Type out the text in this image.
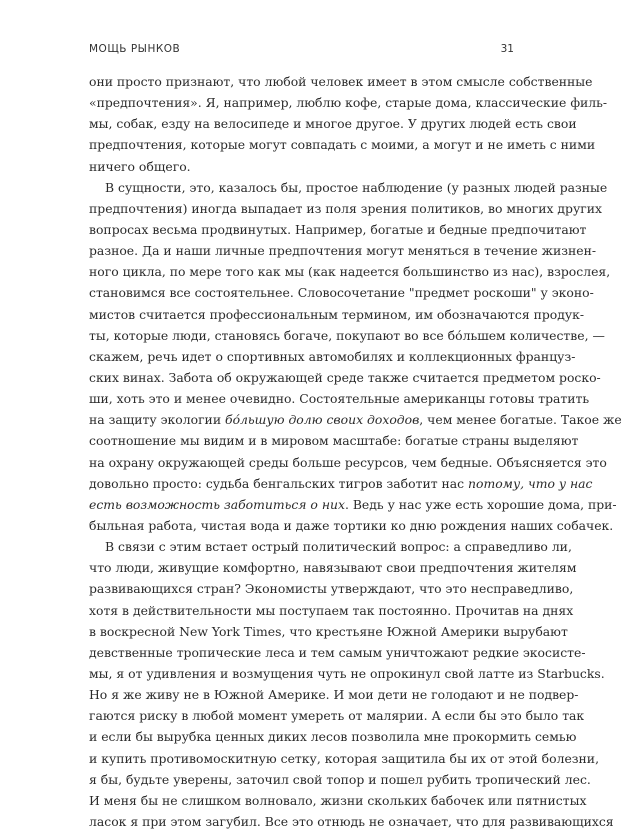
МОЩЬ РЫНКОВ	31
они просто признают, что любой человек имеет в этом смысле собственные
«предпочтения». Я, например, люблю кофе, старые дома, классические филь-
мы, собак, езду на велосипеде и многое другое. У других людей есть свои
предпочтения, которые могут совпадать с моими, а могут и не иметь с ними
ничего общего.
В сущности, это, казалось бы, простое наблюдение (у разных людей разные
предпочтения) иногда выпадает из поля зрения политиков, во многих других
вопросах весьма продвинутых. Например, богатые и бедные предпочитают
разное. Да и наши личные предпочтения могут меняться в течение жизнен-
ного цикла, по мере того как мы (как надеется большинство из нас), взрослея,
становимся все состоятельнее. Словосочетание "предмет роскоши" у эконо-
мистов считается профессиональным термином, им обозначаются продук-
ты, которые люди, становясь богаче, покупают во все бо́льшем количестве, —
скажем, речь идет о спортивных автомобилях и коллекционных француз-
ских винах. Забота об окружающей среде также считается предметом роско-
ши, хоть это и менее очевидно. Состоятельные американцы готовы тратить
на защиту экологии бо́льшую долю своих доходов, чем менее богатые. Такое же
соотношение мы видим и в мировом масштабе: богатые страны выделяют
на охрану окружающей среды больше ресурсов, чем бедные. Объясняется это
довольно просто: судьба бенгальских тигров заботит нас потому, что у нас
есть возможность заботиться о них. Ведь у нас уже есть хорошие дома, при-
быльная работа, чистая вода и даже тортики ко дню рождения наших собачек.
В связи с этим встает острый политический вопрос: а справедливо ли,
что люди, живущие комфортно, навязывают свои предпочтения жителям
развивающихся стран? Экономисты утверждают, что это несправедливо,
хотя в действительности мы поступаем так постоянно. Прочитав на днях
в воскресной New York Times, что крестьяне Южной Америки вырубают
девственные тропические леса и тем самым уничтожают редкие экосисте-
мы, я от удивления и возмущения чуть не опрокинул свой латте из Starbucks.
Но я же живу не в Южной Америке. И мои дети не голодают и не подвер-
гаются риску в любой момент умереть от малярии. А если бы это было так
и если бы вырубка ценных диких лесов позволила мне прокормить семью
и купить противомоскитную сетку, которая защитила бы их от этой болезни,
я бы, будьте уверены, заточил свой топор и пошел рубить тропический лес.
И меня бы не слишком волновало, жизни скольких бабочек или пятнистых
ласок я при этом загубил. Все это отнюдь не означает, что для развивающихся
